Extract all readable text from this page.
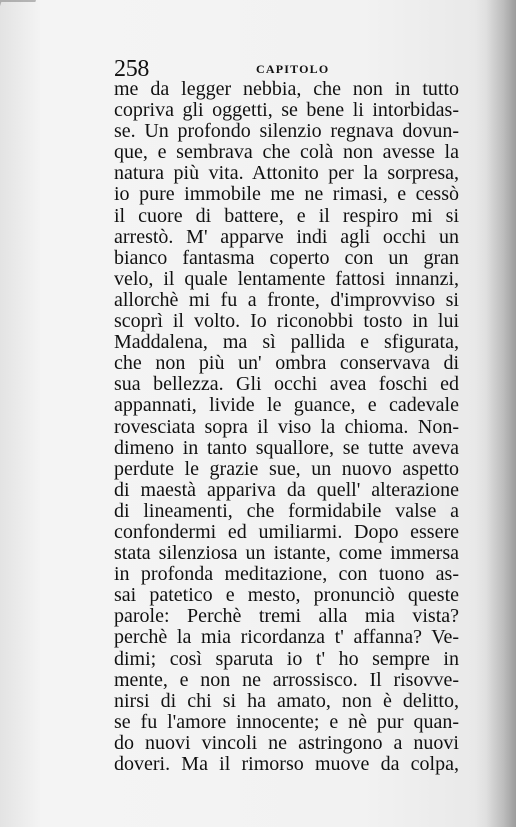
258	CAPITOLO
me da legger nebbia, che non in tutto
copriva gli oggetti, se bene li intorbidas-
se. Un profondo silenzio regnava dovun-
que, e sembrava che colà non avesse la
natura più vita. Attonito per la sorpresa,
io pure immobile me ne rimasi, e cessò
il cuore di battere, e il respiro mi si
arrestò. M' apparve indi agli occhi un
bianco fantasma coperto con un gran
velo, il quale lentamente fattosi innanzi,
allorchè mi fu a fronte, d'improvviso si
scoprì il volto. Io riconobbi tosto in lui
Maddalena, ma sì pallida e sfigurata,
che non più un' ombra conservava di
sua bellezza. Gli occhi avea foschi ed
appannati, livide le guance, e cadevale
rovesciata sopra il viso la chioma. Non-
dimeno in tanto squallore, se tutte aveva
perdute le grazie sue, un nuovo aspetto
di maestà appariva da quell' alterazione
di lineamenti, che formidabile valse a
confondermi ed umiliarmi. Dopo essere
stata silenziosa un istante, come immersa
in profonda meditazione, con tuono as-
sai patetico e mesto, pronunciò queste
parole: Perchè tremi alla mia vista?
perchè la mia ricordanza t' affanna? Ve-
dimi; così sparuta io t' ho sempre in
mente, e non ne arrossisco. Il risovve-
nirsi di chi si ha amato, non è delitto,
se fu l'amore innocente; e nè pur quan-
do nuovi vincoli ne astringono a nuovi
doveri. Ma il rimorso muove da colpa,
